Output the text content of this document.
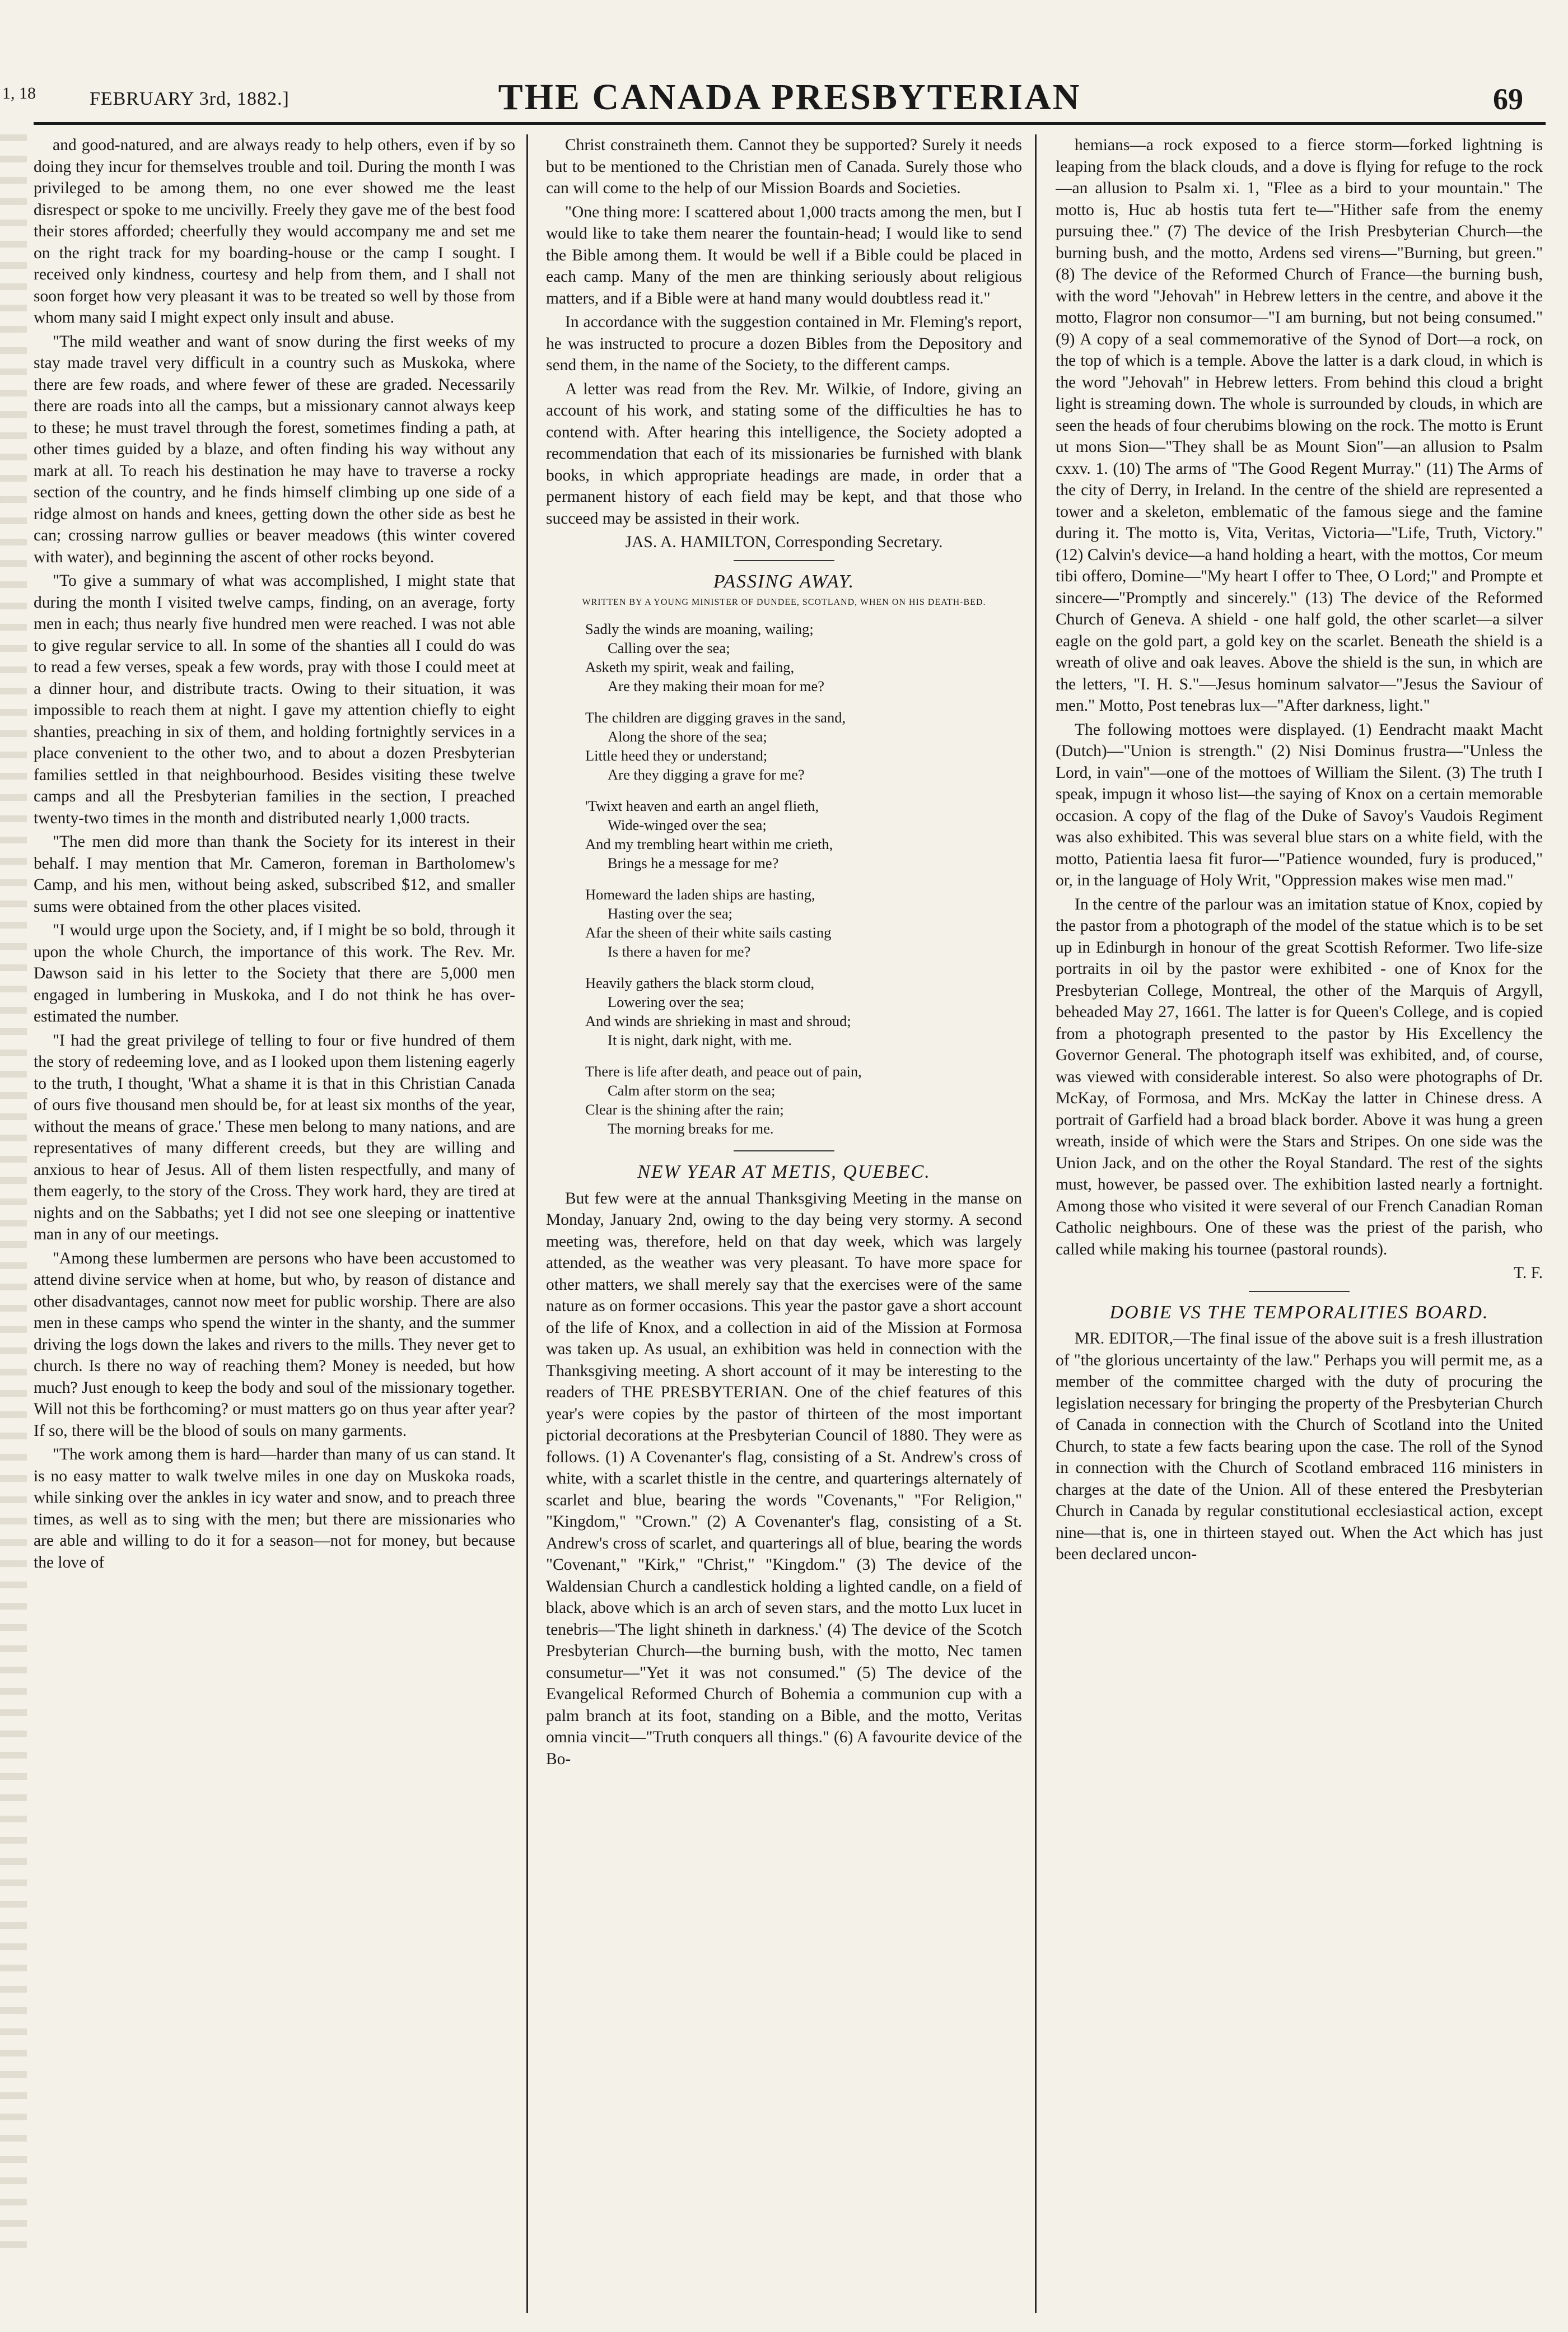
1, 18	FEBRUARY 3rd, 1882.]	THE CANADA PRESBYTERIAN	69

and good-natured, and are always ready to help others, even if by so doing they incur for themselves trouble and toil. During the month I was privileged to be among them, no one ever showed me the least disrespect or spoke to me uncivilly. Freely they gave me of the best food their stores afforded; cheerfully they would accompany me and set me on the right track for my boarding-house or the camp I sought. I received only kindness, courtesy and help from them, and I shall not soon forget how very pleasant it was to be treated so well by those from whom many said I might expect only insult and abuse.

"The mild weather and want of snow during the first weeks of my stay made travel very difficult in a country such as Muskoka, where there are few roads, and where fewer of these are graded. Necessarily there are roads into all the camps, but a missionary cannot always keep to these; he must travel through the forest, sometimes finding a path, at other times guided by a blaze, and often finding his way without any mark at all. To reach his destination he may have to traverse a rocky section of the country, and he finds himself climbing up one side of a ridge almost on hands and knees, getting down the other side as best he can; crossing narrow gullies or beaver meadows (this winter covered with water), and beginning the ascent of other rocks beyond.

"To give a summary of what was accomplished, I might state that during the month I visited twelve camps, finding, on an average, forty men in each; thus nearly five hundred men were reached. I was not able to give regular service to all. In some of the shanties all I could do was to read a few verses, speak a few words, pray with those I could meet at a dinner hour, and distribute tracts. Owing to their situation, it was impossible to reach them at night. I gave my attention chiefly to eight shanties, preaching in six of them, and holding fortnightly services in a place convenient to the other two, and to about a dozen Presbyterian families settled in that neighbourhood. Besides visiting these twelve camps and all the Presbyterian families in the section, I preached twenty-two times in the month and distributed nearly 1,000 tracts.

"The men did more than thank the Society for its interest in their behalf. I may mention that Mr. Cameron, foreman in Bartholomew's Camp, and his men, without being asked, subscribed $12, and smaller sums were obtained from the other places visited.

"I would urge upon the Society, and, if I might be so bold, through it upon the whole Church, the importance of this work. The Rev. Mr. Dawson said in his letter to the Society that there are 5,000 men engaged in lumbering in Muskoka, and I do not think he has over-estimated the number.

"I had the great privilege of telling to four or five hundred of them the story of redeeming love, and as I looked upon them listening eagerly to the truth, I thought, 'What a shame it is that in this Christian Canada of ours five thousand men should be, for at least six months of the year, without the means of grace.' These men belong to many nations, and are representatives of many different creeds, but they are willing and anxious to hear of Jesus. All of them listen respectfully, and many of them eagerly, to the story of the Cross. They work hard, they are tired at nights and on the Sabbaths; yet I did not see one sleeping or inattentive man in any of our meetings.

"Among these lumbermen are persons who have been accustomed to attend divine service when at home, but who, by reason of distance and other disadvantages, cannot now meet for public worship. There are also men in these camps who spend the winter in the shanty, and the summer driving the logs down the lakes and rivers to the mills. They never get to church. Is there no way of reaching them? Money is needed, but how much? Just enough to keep the body and soul of the missionary together. Will not this be forthcoming? or must matters go on thus year after year? If so, there will be the blood of souls on many garments.

"The work among them is hard—harder than many of us can stand. It is no easy matter to walk twelve miles in one day on Muskoka roads, while sinking over the ankles in icy water and snow, and to preach three times, as well as to sing with the men; but there are missionaries who are able and willing to do it for a season—not for money, but because the love of

Christ constraineth them. Cannot they be supported? Surely it needs but to be mentioned to the Christian men of Canada. Surely those who can will come to the help of our Mission Boards and Societies.

"One thing more: I scattered about 1,000 tracts among the men, but I would like to take them nearer the fountain-head; I would like to send the Bible among them. It would be well if a Bible could be placed in each camp. Many of the men are thinking seriously about religious matters, and if a Bible were at hand many would doubtless read it."

In accordance with the suggestion contained in Mr. Fleming's report, he was instructed to procure a dozen Bibles from the Depository and send them, in the name of the Society, to the different camps.

A letter was read from the Rev. Mr. Wilkie, of Indore, giving an account of his work, and stating some of the difficulties he has to contend with. After hearing this intelligence, the Society adopted a recommendation that each of its missionaries be furnished with blank books, in which appropriate headings are made, in order that a permanent history of each field may be kept, and that those who succeed may be assisted in their work.

JAS. A. HAMILTON, Corresponding Secretary.
PASSING AWAY.
WRITTEN BY A YOUNG MINISTER OF DUNDEE, SCOTLAND, WHEN ON HIS DEATH-BED.
Sadly the winds are moaning, wailing;
Calling over the sea;
Asketh my spirit, weak and failing,
Are they making their moan for me?
The children are digging graves in the sand,
Along the shore of the sea;
Little heed they or understand;
Are they digging a grave for me?
'Twixt heaven and earth an angel flieth,
Wide-winged over the sea;
And my trembling heart within me crieth,
Brings he a message for me?
Homeward the laden ships are hasting,
Hasting over the sea;
Afar the sheen of their white sails casting
Is there a haven for me?
Heavily gathers the black storm cloud,
Lowering over the sea;
And winds are shrieking in mast and shroud;
It is night, dark night, with me.
There is life after death, and peace out of pain,
Calm after storm on the sea;
Clear is the shining after the rain;
The morning breaks for me.
NEW YEAR AT METIS, QUEBEC.

But few were at the annual Thanksgiving Meeting in the manse on Monday, January 2nd, owing to the day being very stormy. A second meeting was, therefore, held on that day week, which was largely attended, as the weather was very pleasant. To have more space for other matters, we shall merely say that the exercises were of the same nature as on former occasions. This year the pastor gave a short account of the life of Knox, and a collection in aid of the Mission at Formosa was taken up. As usual, an exhibition was held in connection with the Thanksgiving meeting. A short account of it may be interesting to the readers of THE PRESBYTERIAN. One of the chief features of this year's were copies by the pastor of thirteen of the most important pictorial decorations at the Presbyterian Council of 1880. They were as follows. (1) A Covenanter's flag, consisting of a St. Andrew's cross of white, with a scarlet thistle in the centre, and quarterings alternately of scarlet and blue, bearing the words "Covenants," "For Religion," "Kingdom," "Crown." (2) A Covenanter's flag, consisting of a St. Andrew's cross of scarlet, and quarterings all of blue, bearing the words "Covenant," "Kirk," "Christ," "Kingdom." (3) The device of the Waldensian Church a candlestick holding a lighted candle, on a field of black, above which is an arch of seven stars, and the motto Lux lucet in tenebris—'The light shineth in darkness.' (4) The device of the Scotch Presbyterian Church—the burning bush, with the motto, Nec tamen consumetur—"Yet it was not consumed." (5) The device of the Evangelical Reformed Church of Bohemia a communion cup with a palm branch at its foot, standing on a Bible, and the motto, Veritas omnia vincit—"Truth conquers all things." (6) A favourite device of the Bo-

hemians—a rock exposed to a fierce storm—forked lightning is leaping from the black clouds, and a dove is flying for refuge to the rock—an allusion to Psalm xi. 1, "Flee as a bird to your mountain." The motto is, Huc ab hostis tuta fert te—"Hither safe from the enemy pursuing thee." (7) The device of the Irish Presbyterian Church—the burning bush, and the motto, Ardens sed virens—"Burning, but green." (8) The device of the Reformed Church of France—the burning bush, with the word "Jehovah" in Hebrew letters in the centre, and above it the motto, Flagror non consumor—"I am burning, but not being consumed." (9) A copy of a seal commemorative of the Synod of Dort—a rock, on the top of which is a temple. Above the latter is a dark cloud, in which is the word "Jehovah" in Hebrew letters. From behind this cloud a bright light is streaming down. The whole is surrounded by clouds, in which are seen the heads of four cherubims blowing on the rock. The motto is Erunt ut mons Sion—"They shall be as Mount Sion"—an allusion to Psalm cxxv. 1. (10) The arms of "The Good Regent Murray." (11) The Arms of the city of Derry, in Ireland. In the centre of the shield are represented a tower and a skeleton, emblematic of the famous siege and the famine during it. The motto is, Vita, Veritas, Victoria—"Life, Truth, Victory." (12) Calvin's device—a hand holding a heart, with the mottos, Cor meum tibi offero, Domine—"My heart I offer to Thee, O Lord;" and Prompte et sincere—"Promptly and sincerely." (13) The device of the Reformed Church of Geneva. A shield - one half gold, the other scarlet—a silver eagle on the gold part, a gold key on the scarlet. Beneath the shield is a wreath of olive and oak leaves. Above the shield is the sun, in which are the letters, "I. H. S."—Jesus hominum salvator—"Jesus the Saviour of men." Motto, Post tenebras lux—"After darkness, light."

The following mottoes were displayed. (1) Eendracht maakt Macht (Dutch)—"Union is strength." (2) Nisi Dominus frustra—"Unless the Lord, in vain"—one of the mottoes of William the Silent. (3) The truth I speak, impugn it whoso list—the saying of Knox on a certain memorable occasion. A copy of the flag of the Duke of Savoy's Vaudois Regiment was also exhibited. This was several blue stars on a white field, with the motto, Patientia laesa fit furor—"Patience wounded, fury is produced," or, in the language of Holy Writ, "Oppression makes wise men mad."

In the centre of the parlour was an imitation statue of Knox, copied by the pastor from a photograph of the model of the statue which is to be set up in Edinburgh in honour of the great Scottish Reformer. Two life-size portraits in oil by the pastor were exhibited - one of Knox for the Presbyterian College, Montreal, the other of the Marquis of Argyll, beheaded May 27, 1661. The latter is for Queen's College, and is copied from a photograph presented to the pastor by His Excellency the Governor General. The photograph itself was exhibited, and, of course, was viewed with considerable interest. So also were photographs of Dr. McKay, of Formosa, and Mrs. McKay the latter in Chinese dress. A portrait of Garfield had a broad black border. Above it was hung a green wreath, inside of which were the Stars and Stripes. On one side was the Union Jack, and on the other the Royal Standard. The rest of the sights must, however, be passed over. The exhibition lasted nearly a fortnight. Among those who visited it were several of our French Canadian Roman Catholic neighbours. One of these was the priest of the parish, who called while making his tournee (pastoral rounds).

T. F.
DOBIE VS THE TEMPORALITIES BOARD.

MR. EDITOR,—The final issue of the above suit is a fresh illustration of "the glorious uncertainty of the law." Perhaps you will permit me, as a member of the committee charged with the duty of procuring the legislation necessary for bringing the property of the Presbyterian Church of Canada in connection with the Church of Scotland into the United Church, to state a few facts bearing upon the case. The roll of the Synod in connection with the Church of Scotland embraced 116 ministers in charges at the date of the Union. All of these entered the Presbyterian Church in Canada by regular constitutional ecclesiastical action, except nine—that is, one in thirteen stayed out. When the Act which has just been declared uncon-
